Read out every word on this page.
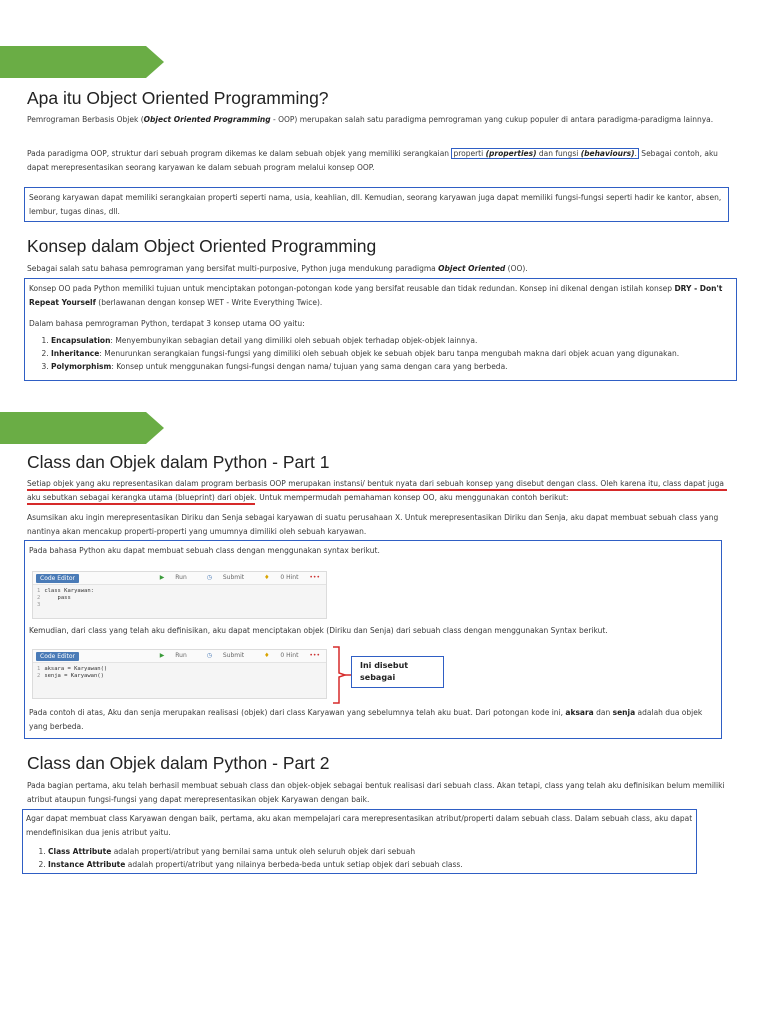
Apa itu Object Oriented Programming?

Pemrograman Berbasis Objek (Object Oriented Programming - OOP) merupakan salah satu paradigma pemrograman yang cukup populer di antara paradigma-paradigma lainnya.

Pada paradigma OOP, struktur dari sebuah program dikemas ke dalam sebuah objek yang memiliki serangkaian properti (properties) dan fungsi (behaviours). Sebagai contoh, aku dapat merepresentasikan seorang karyawan ke dalam sebuah program melalui konsep OOP.

Seorang karyawan dapat memiliki serangkaian properti seperti nama, usia, keahlian, dll. Kemudian, seorang karyawan juga dapat memiliki fungsi-fungsi seperti hadir ke kantor, absen, lembur, tugas dinas, dll.

Konsep dalam Object Oriented Programming

Sebagai salah satu bahasa pemrograman yang bersifat multi-purposive, Python juga mendukung paradigma Object Oriented (OO).

Konsep OO pada Python memiliki tujuan untuk menciptakan potongan-potongan kode yang bersifat reusable dan tidak redundan. Konsep ini dikenal dengan istilah konsep DRY - Don't Repeat Yourself (berlawanan dengan konsep WET - Write Everything Twice).

Dalam bahasa pemrograman Python, terdapat 3 konsep utama OO yaitu:

1. Encapsulation: Menyembunyikan sebagian detail yang dimiliki oleh sebuah objek terhadap objek-objek lainnya.
2. Inheritance: Menurunkan serangkaian fungsi-fungsi yang dimiliki oleh sebuah objek ke sebuah objek baru tanpa mengubah makna dari objek acuan yang digunakan.
3. Polymorphism: Konsep untuk menggunakan fungsi-fungsi dengan nama/ tujuan yang sama dengan cara yang berbeda.
Class dan Objek dalam Python - Part 1

Setiap objek yang aku representasikan dalam program berbasis OOP merupakan instansi/ bentuk nyata dari sebuah konsep yang disebut dengan class. Oleh karena itu, class dapat juga aku sebutkan sebagai kerangka utama (blueprint) dari objek. Untuk mempermudah pemahaman konsep OO, aku menggunakan contoh berikut:

Asumsikan aku ingin merepresentasikan Diriku dan Senja sebagai karyawan di suatu perusahaan X. Untuk merepresentasikan Diriku dan Senja, aku dapat membuat sebuah class yang nantinya akan mencakup properti-properti yang umumnya dimiliki oleh sebuah karyawan.

Pada bahasa Python aku dapat membuat sebuah class dengan menggunakan syntax berikut.

Code Editor	▶ Run	◷ Submit	♦ 0 Hint •••
1 class Karyawan:
2    pass
3

Kemudian, dari class yang telah aku definisikan, aku dapat menciptakan objek (Diriku dan Senja) dari sebuah class dengan menggunakan Syntax berikut.

Code Editor	▶ Run	◷ Submit	♦ 0 Hint •••
1 aksara = Karyawan()
2 senja = Karyawan()
Ini disebut sebagai

Pada contoh di atas, Aku dan senja merupakan realisasi (objek) dari class Karyawan yang sebelumnya telah aku buat. Dari potongan kode ini, aksara dan senja adalah dua objek yang berbeda.

Class dan Objek dalam Python - Part 2

Pada bagian pertama, aku telah berhasil membuat sebuah class dan objek-objek sebagai bentuk realisasi dari sebuah class. Akan tetapi, class yang telah aku definisikan belum memiliki atribut ataupun fungsi-fungsi yang dapat merepresentasikan objek Karyawan dengan baik.

Agar dapat membuat class Karyawan dengan baik, pertama, aku akan mempelajari cara merepresentasikan atribut/properti dalam sebuah class. Dalam sebuah class, aku dapat mendefinisikan dua jenis atribut yaitu.

1. Class Attribute adalah properti/atribut yang bernilai sama untuk oleh seluruh objek dari sebuah
2. Instance Attribute adalah properti/atribut yang nilainya berbeda-beda untuk setiap objek dari sebuah class.
